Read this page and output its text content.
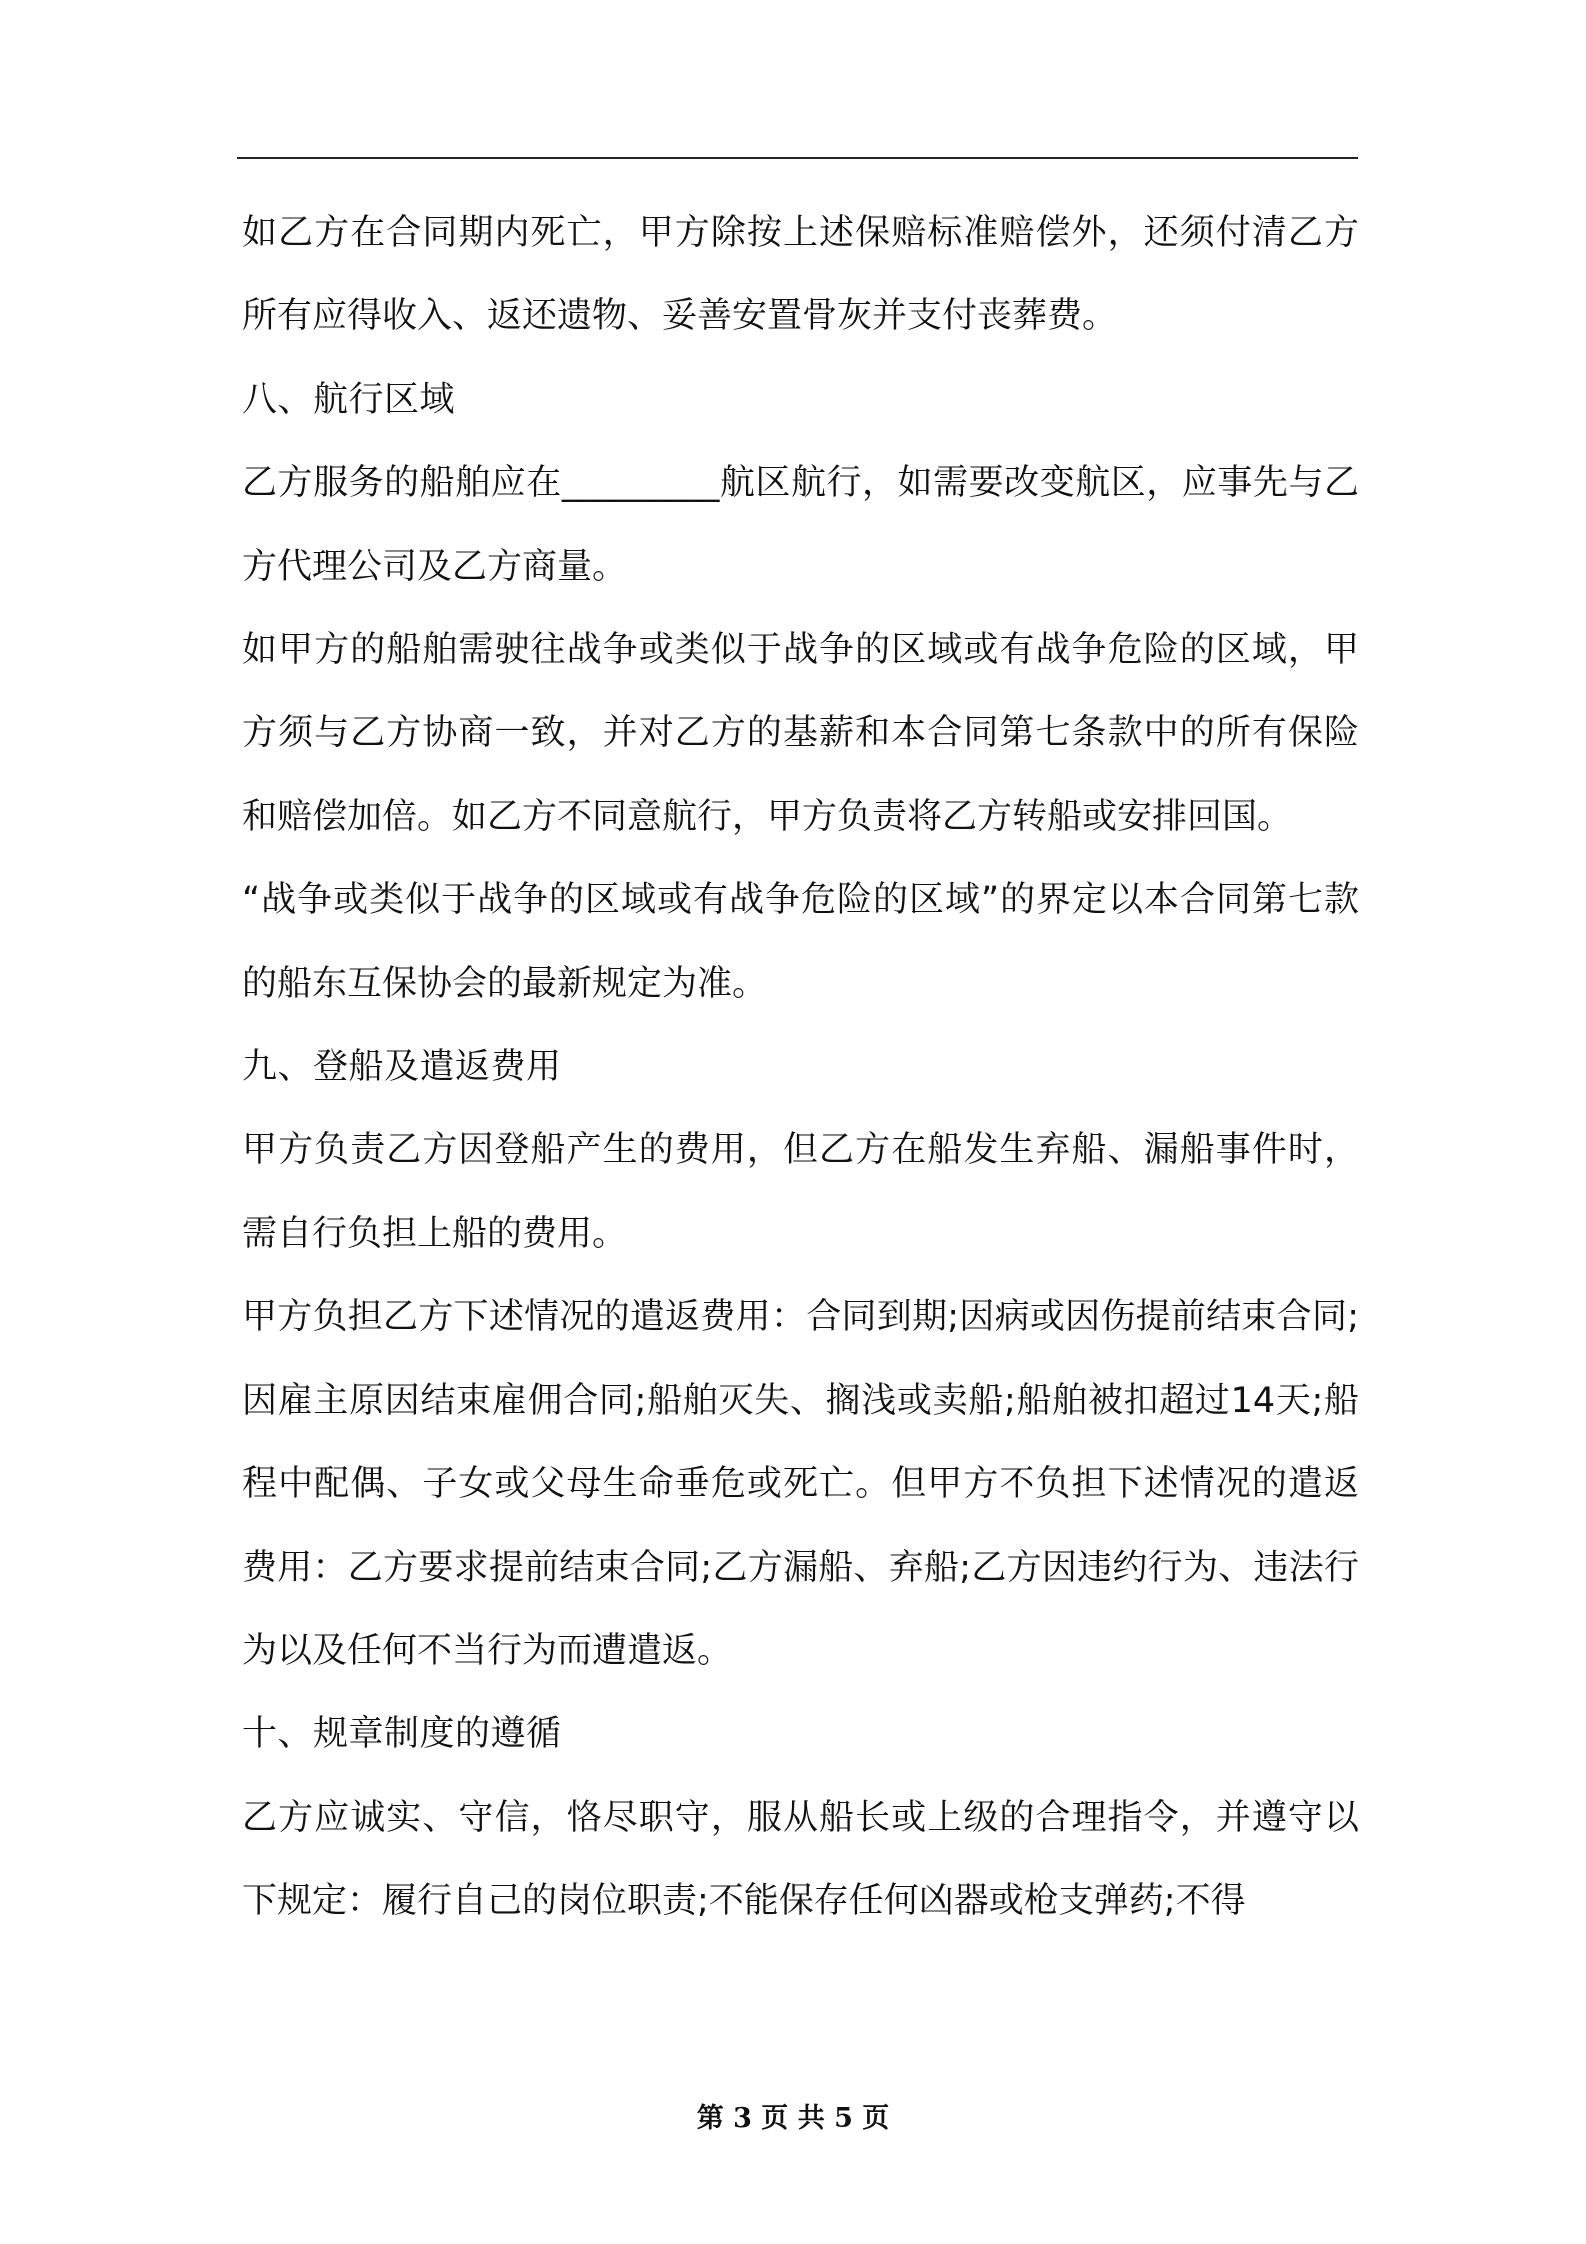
如乙方在合同期内死亡，甲方除按上述保赔标准赔偿外，还须付清乙方所有应得收入、返还遗物、妥善安置骨灰并支付丧葬费。

八、航行区域

乙方服务的船舶应在_________航区航行，如需要改变航区，应事先与乙方代理公司及乙方商量。

如甲方的船舶需驶往战争或类似于战争的区域或有战争危险的区域，甲方须与乙方协商一致，并对乙方的基薪和本合同第七条款中的所有保险和赔偿加倍。如乙方不同意航行，甲方负责将乙方转船或安排回国。

“战争或类似于战争的区域或有战争危险的区域”的界定以本合同第七款的船东互保协会的最新规定为准。

九、登船及遣返费用

甲方负责乙方因登船产生的费用，但乙方在船发生弃船、漏船事件时，需自行负担上船的费用。

甲方负担乙方下述情况的遣返费用：合同到期;因病或因伤提前结束合同;因雇主原因结束雇佣合同;船舶灭失、搁浅或卖船;船舶被扣超过14天;船程中配偶、子女或父母生命垂危或死亡。但甲方不负担下述情况的遣返费用：乙方要求提前结束合同;乙方漏船、弃船;乙方因违约行为、违法行为以及任何不当行为而遭遣返。

十、规章制度的遵循

乙方应诚实、守信，恪尽职守，服从船长或上级的合理指令，并遵守以下规定：履行自己的岗位职责;不能保存任何凶器或枪支弹药;不得

第 3 页 共 5 页
